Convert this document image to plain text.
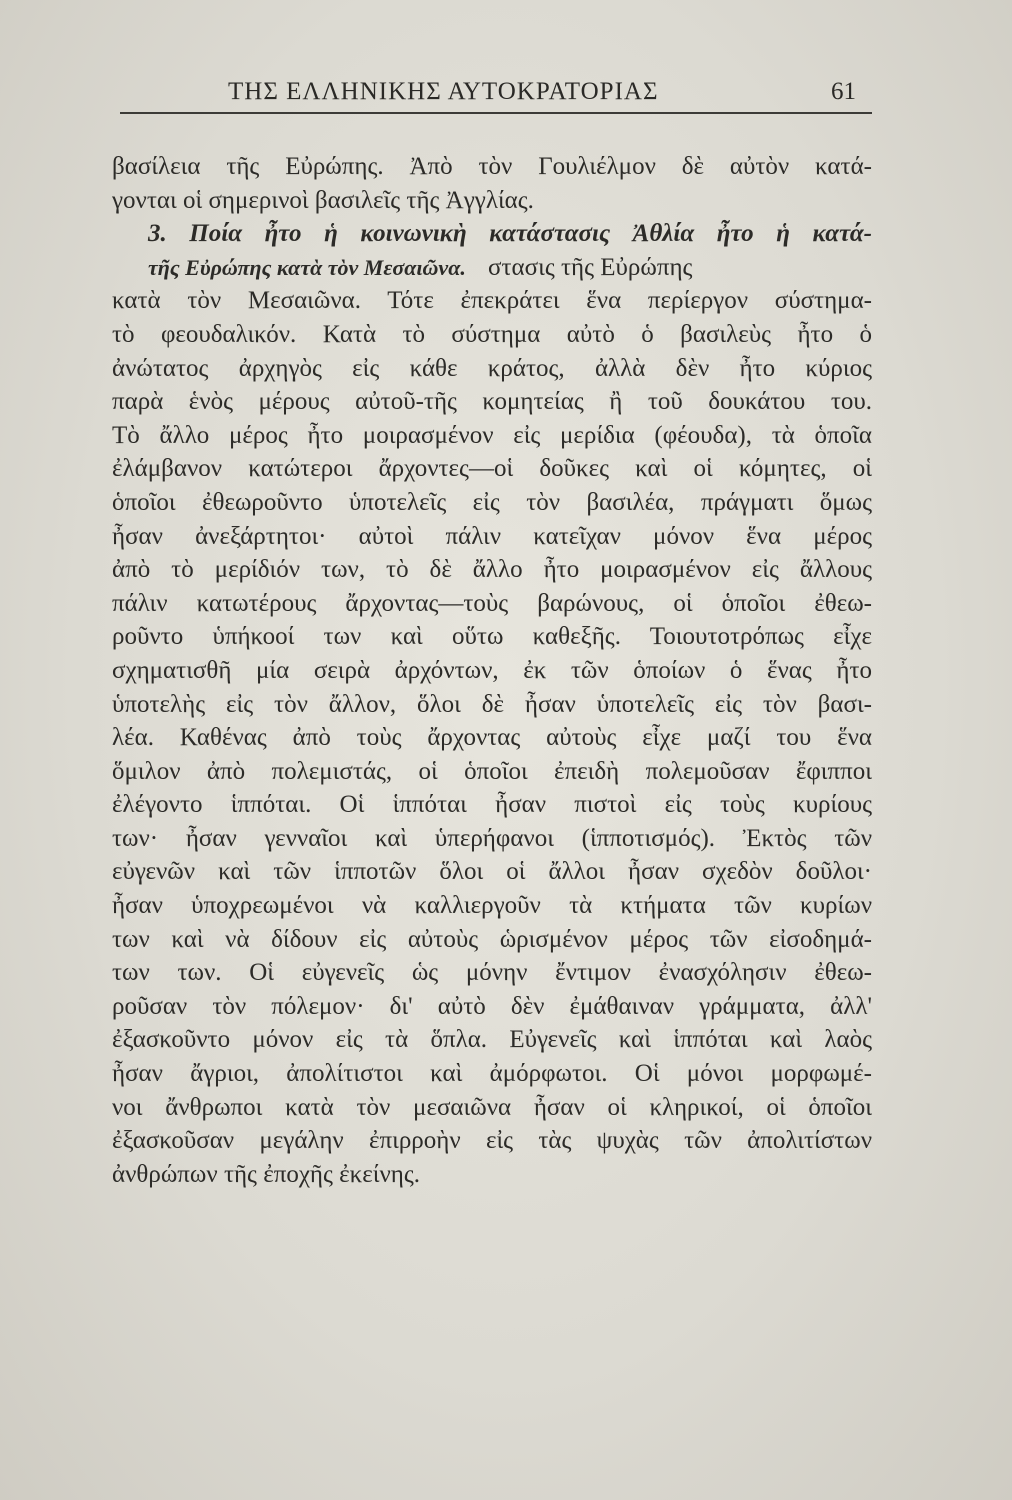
ΤΗΣ ΕΛΛΗΝΙΚΗΣ ΑΥΤΟΚΡΑΤΟΡΙΑΣ	61
βασίλεια τῆς Εὐρώπης. Ἀπὸ τὸν Γουλιέλμον δὲ αὐτὸν κατά-
γονται οἱ σημερινοὶ βασιλεῖς τῆς Ἀγγλίας.
3. Ποία ἦτο ἡ κοινωνικὴ κατάστασις Ἀθλία ἦτο ἡ κατά-
τῆς Εὐρώπης κατὰ τὸν Μεσαιῶνα. στασις τῆς Εὐρώπης
κατὰ τὸν Μεσαιῶνα. Τότε ἐπεκράτει ἕνα περίεργον σύστημα-
τὸ φεουδαλικόν. Κατὰ τὸ σύστημα αὐτὸ ὁ βασιλεὺς ἦτο ὁ
ἀνώτατος ἀρχηγὸς εἰς κάθε κράτος, ἀλλὰ δὲν ἦτο κύριος
παρὰ ἑνὸς μέρους αὐτοῦ-τῆς κομητείας ἢ τοῦ δουκάτου του.
Τὸ ἄλλο μέρος ἦτο μοιρασμένον εἰς μερίδια (φέουδα), τὰ ὁποῖα
ἐλάμβανον κατώτεροι ἄρχοντες—οἱ δοῦκες καὶ οἱ κόμητες, οἱ
ὁποῖοι ἐθεωροῦντο ὑποτελεῖς εἰς τὸν βασιλέα, πράγματι ὅμως
ἦσαν ἀνεξάρτητοι· αὐτοὶ πάλιν κατεῖχαν μόνον ἕνα μέρος
ἀπὸ τὸ μερίδιόν των, τὸ δὲ ἄλλο ἦτο μοιρασμένον εἰς ἄλλους
πάλιν κατωτέρους ἄρχοντας—τοὺς βαρώνους, οἱ ὁποῖοι ἐθεω-
ροῦντο ὑπήκοοί των καὶ οὕτω καθεξῆς. Τοιουτοτρόπως εἶχε
σχηματισθῆ μία σειρὰ ἀρχόντων, ἐκ τῶν ὁποίων ὁ ἕνας ἦτο
ὑποτελὴς εἰς τὸν ἄλλον, ὅλοι δὲ ἦσαν ὑποτελεῖς εἰς τὸν βασι-
λέα. Καθένας ἀπὸ τοὺς ἄρχοντας αὐτοὺς εἶχε μαζί του ἕνα
ὅμιλον ἀπὸ πολεμιστάς, οἱ ὁποῖοι ἐπειδὴ πολεμοῦσαν ἔφιπποι
ἐλέγοντο ἱππόται. Οἱ ἱππόται ἦσαν πιστοὶ εἰς τοὺς κυρίους
των· ἦσαν γενναῖοι καὶ ὑπερήφανοι (ἱπποτισμός). Ἐκτὸς τῶν
εὐγενῶν καὶ τῶν ἱπποτῶν ὅλοι οἱ ἄλλοι ἦσαν σχεδὸν δοῦλοι·
ἦσαν ὑποχρεωμένοι νὰ καλλιεργοῦν τὰ κτήματα τῶν κυρίων
των καὶ νὰ δίδουν εἰς αὐτοὺς ὡρισμένον μέρος τῶν εἰσοδημά-
των των. Οἱ εὐγενεῖς ὡς μόνην ἔντιμον ἐνασχόλησιν ἐθεω-
ροῦσαν τὸν πόλεμον· δι' αὐτὸ δὲν ἐμάθαιναν γράμματα, ἀλλ'
ἐξασκοῦντο μόνον εἰς τὰ ὅπλα. Εὐγενεῖς καὶ ἱππόται καὶ λαὸς
ἦσαν ἄγριοι, ἀπολίτιστοι καὶ ἀμόρφωτοι. Οἱ μόνοι μορφωμέ-
νοι ἄνθρωποι κατὰ τὸν μεσαιῶνα ἦσαν οἱ κληρικοί, οἱ ὁποῖοι
ἐξασκοῦσαν μεγάλην ἐπιρροὴν εἰς τὰς ψυχὰς τῶν ἀπολιτίστων
ἀνθρώπων τῆς ἐποχῆς ἐκείνης.
